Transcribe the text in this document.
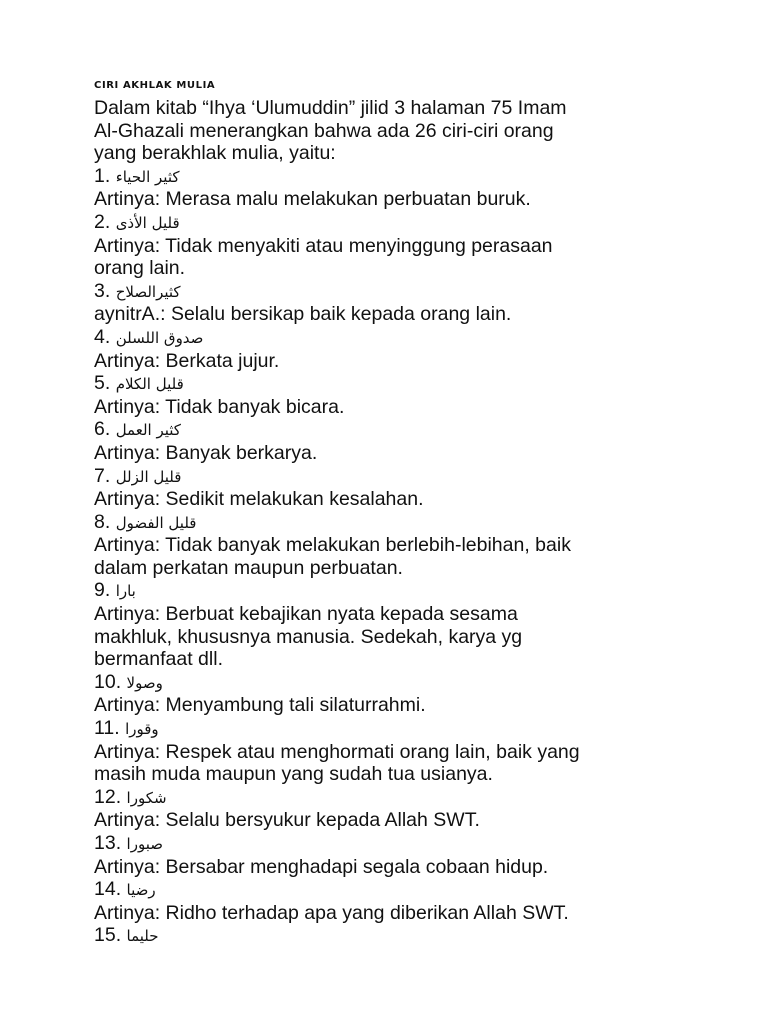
CIRI AKHLAK MULIA
Dalam kitab “Ihya ‘Ulumuddin” jilid 3 halaman 75 Imam
Al-Ghazali menerangkan bahwa ada 26 ciri-ciri orang
yang berakhlak mulia, yaitu:
1. كثير الحياء
Artinya: Merasa malu melakukan perbuatan buruk.
2. قليل الأذى
Artinya: Tidak menyakiti atau menyinggung perasaan
orang lain.
3. كثيرالصلاح
aynitrA.: Selalu bersikap baik kepada orang lain.
4. صدوق اللسلن
Artinya: Berkata jujur.
5. قليل الكلام
Artinya: Tidak banyak bicara.
6. كثير العمل
Artinya: Banyak berkarya.
7. قليل الزلل
Artinya: Sedikit melakukan kesalahan.
8. قليل الفضول
Artinya: Tidak banyak melakukan berlebih-lebihan, baik
dalam perkatan maupun perbuatan.
9. بارا
Artinya: Berbuat kebajikan nyata kepada sesama
makhluk, khususnya manusia. Sedekah, karya yg
bermanfaat dll.
10. وصولا
Artinya: Menyambung tali silaturrahmi.
11. وقورا
Artinya: Respek atau menghormati orang lain, baik yang
masih muda maupun yang sudah tua usianya.
12. شكورا
Artinya: Selalu bersyukur kepada Allah SWT.
13. صبورا
Artinya: Bersabar menghadapi segala cobaan hidup.
14. رضيا
Artinya: Ridho terhadap apa yang diberikan Allah SWT.
15. حليما
